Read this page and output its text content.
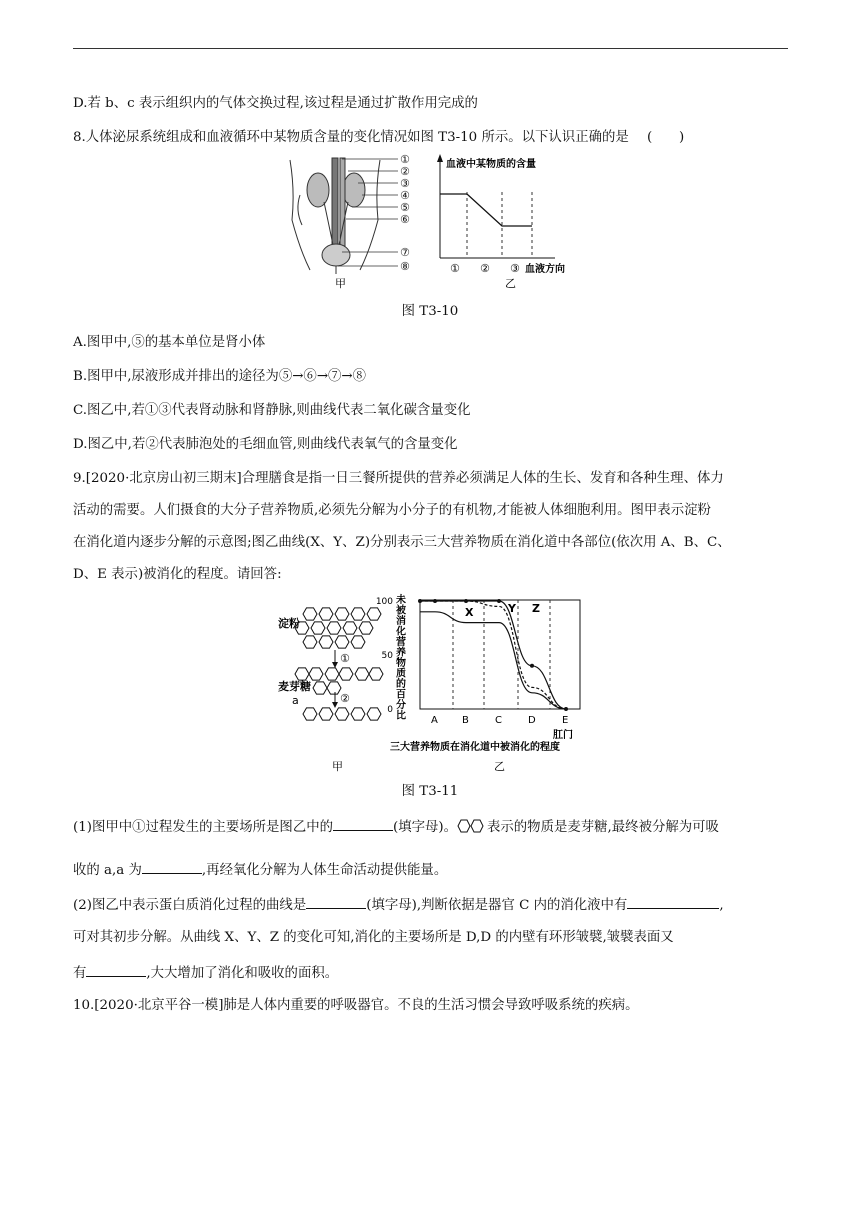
D.若 b、c 表示组织内的气体交换过程,该过程是通过扩散作用完成的
8.人体泌尿系统组成和血液循环中某物质含量的变化情况如图 T3-10 所示。以下认识正确的是 (　　)
①
②
③
④
⑤
⑥
⑦
⑧
甲
血液中某物质的含量
① ② ③ 血液方向
乙
图 T3-10
A.图甲中,⑤的基本单位是肾小体
B.图甲中,尿液形成并排出的途径为⑤→⑥→⑦→⑧
C.图乙中,若①③代表肾动脉和肾静脉,则曲线代表二氧化碳含量变化
D.图乙中,若②代表肺泡处的毛细血管,则曲线代表氧气的含量变化
9.[2020·北京房山初三期末]合理膳食是指一日三餐所提供的营养必须满足人体的生长、发育和各种生理、体力
活动的需要。人们摄食的大分子营养物质,必须先分解为小分子的有机物,才能被人体细胞利用。图甲表示淀粉
在消化道内逐步分解的示意图;图乙曲线(X、Y、Z)分别表示三大营养物质在消化道中各部位(依次用 A、B、C、
D、E 表示)被消化的程度。请回答:
淀粉
①
麦芽糖
②
a
甲
未
被
消
化
营
养
物
质
的
百
分
比
100
50
0
X	Y Z
A B	C	D	E
肛门
三大营养物质在消化道中被消化的程度
乙
图 T3-11
(1)图甲中①过程发生的主要场所是图乙中的	(填字母)。 表示的物质是麦芽糖,最终被分解为可吸
收的 a,a 为	,再经氧化分解为人体生命活动提供能量。
(2)图乙中表示蛋白质消化过程的曲线是	(填字母),判断依据是器官 C 内的消化液中有	,
可对其初步分解。从曲线 X、Y、Z 的变化可知,消化的主要场所是 D,D 的内壁有环形皱襞,皱襞表面又
有	,大大增加了消化和吸收的面积。
10.[2020·北京平谷一模]肺是人体内重要的呼吸器官。不良的生活习惯会导致呼吸系统的疾病。
